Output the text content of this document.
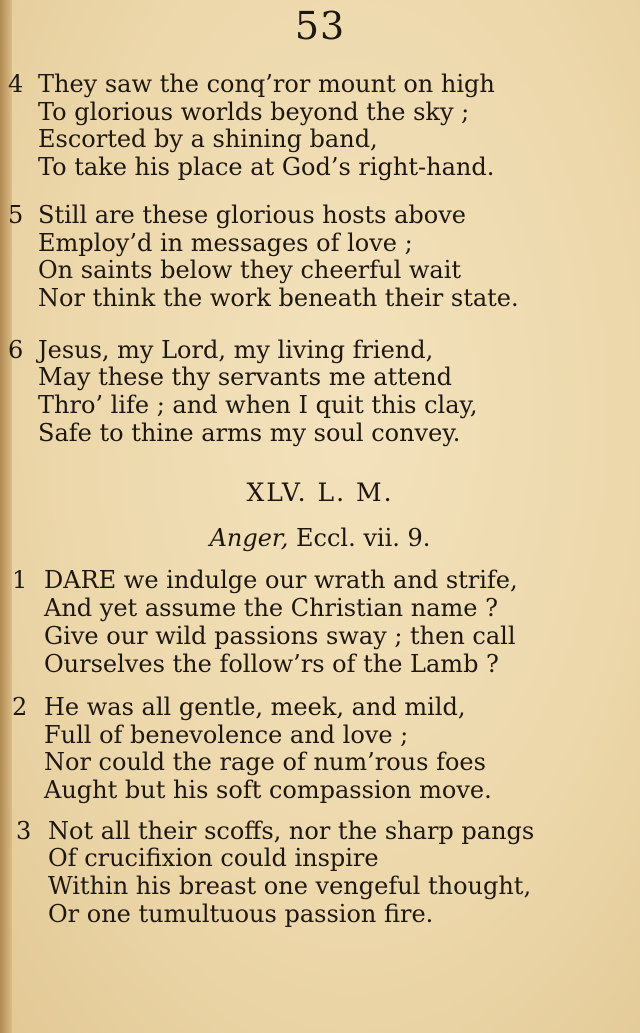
53
4 They saw the conq’ror mount on high
To glorious worlds beyond the sky ;
Escorted by a shining band,
To take his place at God’s right-hand.
5 Still are these glorious hosts above
Employ’d in messages of love ;
On saints below they cheerful wait
Nor think the work beneath their state.
6 Jesus, my Lord, my living friend,
May these thy servants me attend
Thro’ life ; and when I quit this clay,
Safe to thine arms my soul convey.
XLV. L. M.
Anger, Eccl. vii. 9.
1 DARE we indulge our wrath and strife,
And yet assume the Christian name ?
Give our wild passions sway ; then call
Ourselves the follow’rs of the Lamb ?
2 He was all gentle, meek, and mild,
Full of benevolence and love ;
Nor could the rage of num’rous foes
Aught but his soft compassion move.
3 Not all their scoffs, nor the sharp pangs
Of crucifixion could inspire
Within his breast one vengeful thought,
Or one tumultuous passion fire.
